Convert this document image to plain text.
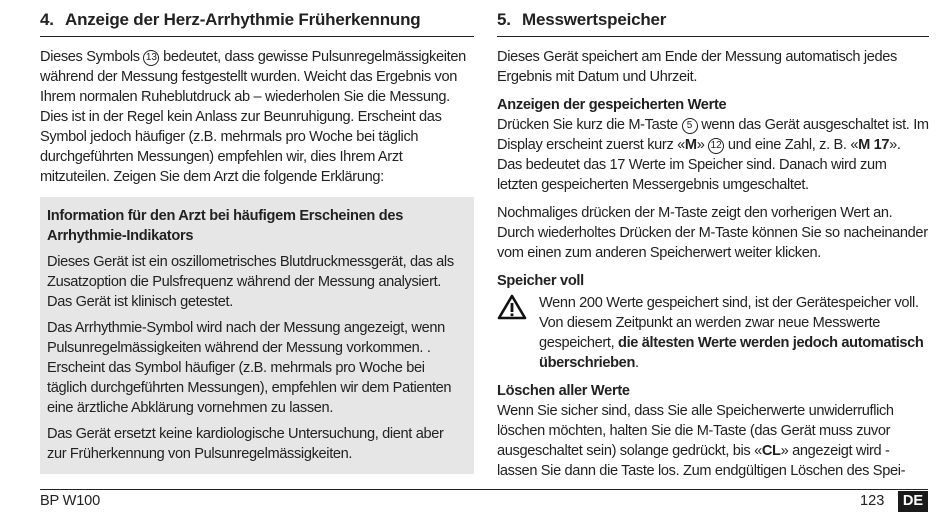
4. Anzeige der Herz-Arrhythmie Früherkennung

Dieses Symbols 13 bedeutet, dass gewisse Pulsunregelmässigkeiten während der Messung festgestellt wurden. Weicht das Ergebnis von Ihrem normalen Ruheblutdruck ab – wiederholen Sie die Messung. Dies ist in der Regel kein Anlass zur Beunruhigung. Erscheint das Symbol jedoch häufiger (z.B. mehrmals pro Woche bei täglich durchgeführten Messungen) empfehlen wir, dies Ihrem Arzt mitzuteilen. Zeigen Sie dem Arzt die folgende Erklärung:

Information für den Arzt bei häufigem Erscheinen des Arrhythmie-Indikators

Dieses Gerät ist ein oszillometrisches Blutdruckmessgerät, das als Zusatzoption die Pulsfrequenz während der Messung analysiert. Das Gerät ist klinisch getestet.

Das Arrhythmie-Symbol wird nach der Messung angezeigt, wenn Pulsunregelmässigkeiten während der Messung vorkommen. . Erscheint das Symbol häufiger (z.B. mehrmals pro Woche bei täglich durchgeführten Messungen), empfehlen wir dem Patienten eine ärztliche Abklärung vornehmen zu lassen.

Das Gerät ersetzt keine kardiologische Untersuchung, dient aber zur Früherkennung von Pulsunregelmässigkeiten.

5. Messwertspeicher

Dieses Gerät speichert am Ende der Messung automatisch jedes Ergebnis mit Datum und Uhrzeit.

Anzeigen der gespeicherten Werte

Drücken Sie kurz die M-Taste 5 wenn das Gerät ausgeschaltet ist. Im Display erscheint zuerst kurz «M» 12 und eine Zahl, z. B. «M 17». Das bedeutet das 17 Werte im Speicher sind. Danach wird zum letzten gespeicherten Messergebnis umgeschaltet.

Nochmaliges drücken der M-Taste zeigt den vorherigen Wert an. Durch wiederholtes Drücken der M-Taste können Sie so nacheinander vom einen zum anderen Speicherwert weiter klicken.

Speicher voll

Wenn 200 Werte gespeichert sind, ist der Gerätespeicher voll. Von diesem Zeitpunkt an werden zwar neue Messwerte gespeichert, die ältesten Werte werden jedoch automatisch überschrieben.

Löschen aller Werte

Wenn Sie sicher sind, dass Sie alle Speicherwerte unwiderruflich löschen möchten, halten Sie die M-Taste (das Gerät muss zuvor ausgeschaltet sein) solange gedrückt, bis «CL» angezeigt wird - lassen Sie dann die Taste los. Zum endgültigen Löschen des Spei-

BP W100	123	DE
